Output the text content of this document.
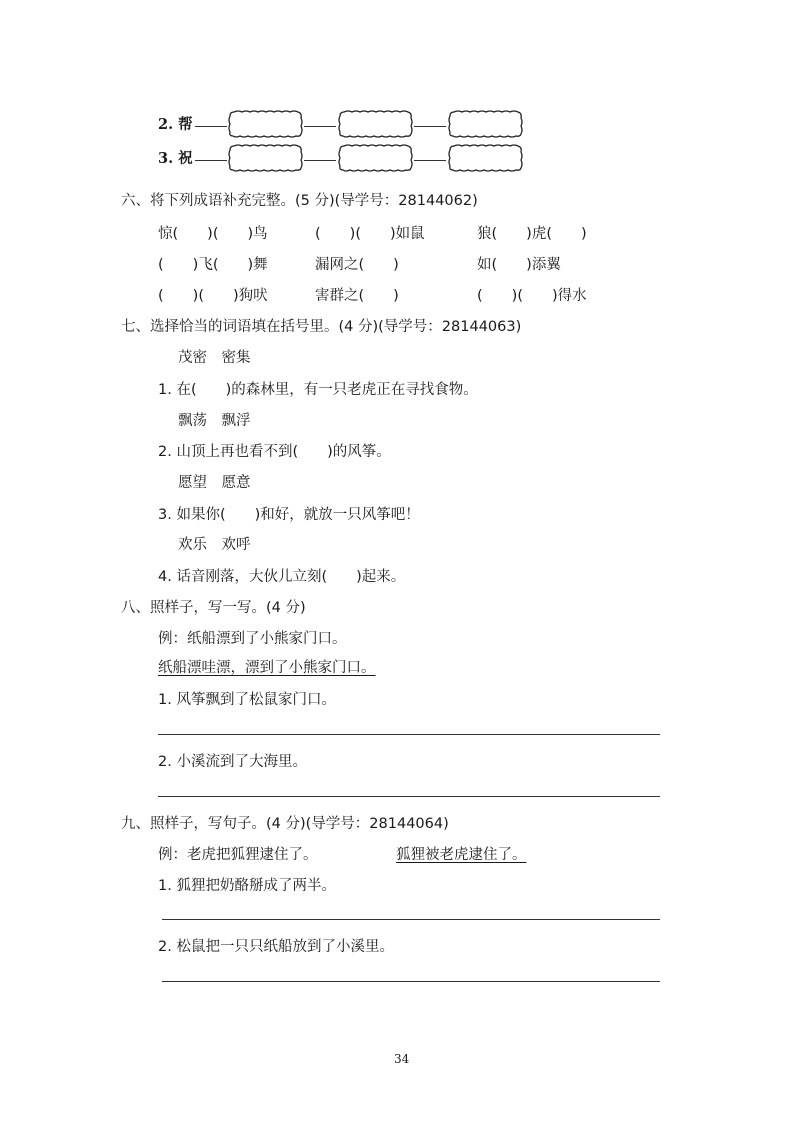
2. 帮
3. 祝
六、将下列成语补充完整。(5 分)(导学号：28144062)
惊(　　)(　　)鸟	(　　)(　　)如鼠	狼(　　)虎(　　)
(　　)飞(　　)舞	漏网之(　　)	如(　　)添翼
(　　)(　　)狗吠	害群之(　　)	(　　)(　　)得水
七、选择恰当的词语填在括号里。(4 分)(导学号：28144063)
茂密　密集
1. 在(　　)的森林里，有一只老虎正在寻找食物。
飘荡　飘浮
2. 山顶上再也看不到(　　)的风筝。
愿望　愿意
3. 如果你(　　)和好，就放一只风筝吧！
欢乐　欢呼
4. 话音刚落，大伙儿立刻(　　)起来。
八、照样子，写一写。(4 分)
例：纸船漂到了小熊家门口。
纸船漂哇漂，漂到了小熊家门口。
1. 风筝飘到了松鼠家门口。
2. 小溪流到了大海里。
九、照样子，写句子。(4 分)(导学号：28144064)
例：老虎把狐狸逮住了。	狐狸被老虎逮住了。
1. 狐狸把奶酪掰成了两半。
2. 松鼠把一只只纸船放到了小溪里。
34
